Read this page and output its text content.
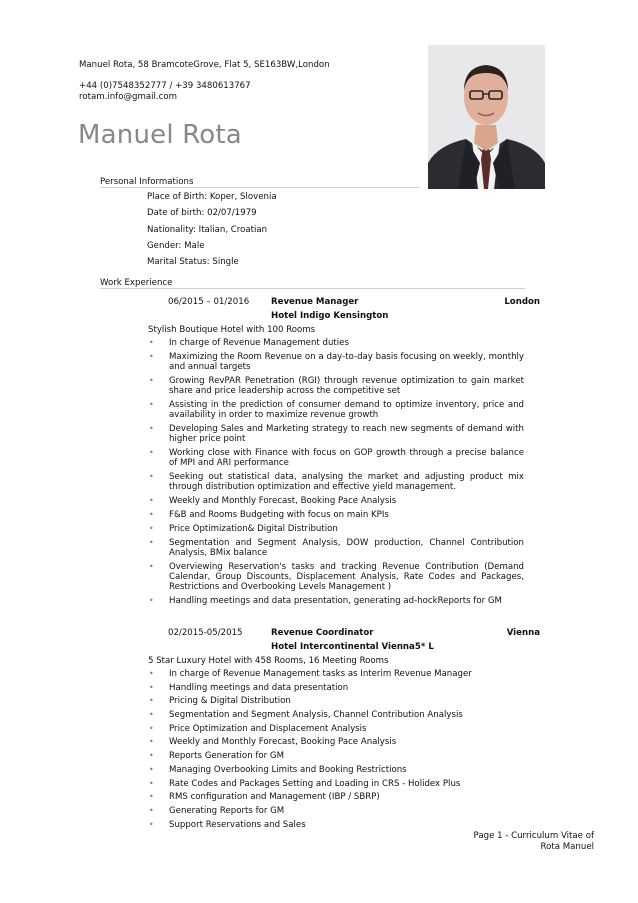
Manuel Rota, 58 BramcoteGrove, Flat 5, SE163BW,London
+44 (0)7548352777 / +39 3480613767
rotam.info@gmail.com
Manuel Rota
Personal Informations
Place of Birth: Koper, Slovenia
Date of birth: 02/07/1979
Nationality: Italian, Croatian
Gender: Male
Marital Status: Single
Work Experience
06/2015 – 01/2016	Revenue Manager	London
Hotel Indigo Kensington
Stylish Boutique Hotel with 100 Rooms
• In charge of Revenue Management duties
• Maximizing the Room Revenue on a day-to-day basis focusing on weekly, monthly and annual targets
• Growing RevPAR Penetration (RGI) through revenue optimization to gain market share and price leadership across the competitive set
• Assisting in the prediction of consumer demand to optimize inventory, price and availability in order to maximize revenue growth
• Developing Sales and Marketing strategy to reach new segments of demand with higher price point
• Working close with Finance with focus on GOP growth through a precise balance of MPI and ARI performance
• Seeking out statistical data, analysing the market and adjusting product mix through distribution optimization and effective yield management.
• Weekly and Monthly Forecast, Booking Pace Analysis
• F&B and Rooms Budgeting with focus on main KPIs
• Price Optimization& Digital Distribution
• Segmentation and Segment Analysis, DOW production, Channel Contribution Analysis, BMix balance
• Overviewing Reservation's tasks and tracking Revenue Contribution (Demand Calendar, Group Discounts, Displacement Analysis, Rate Codes and Packages, Restrictions and Overbooking Levels Management )
• Handling meetings and data presentation, generating ad-hockReports for GM
02/2015-05/2015	Revenue Coordinator	Vienna
Hotel Intercontinental Vienna5* L
5 Star Luxury Hotel with 458 Rooms, 16 Meeting Rooms
• In charge of Revenue Management tasks as Interim Revenue Manager
• Handling meetings and data presentation
• Pricing & Digital Distribution
• Segmentation and Segment Analysis, Channel Contribution Analysis
• Price Optimization and Displacement Analysis
• Weekly and Monthly Forecast, Booking Pace Analysis
• Reports Generation for GM
• Managing Overbooking Limits and Booking Restrictions
• Rate Codes and Packages Setting and Loading in CRS - Holidex Plus
• RMS configuration and Management (IBP / SBRP)
• Generating Reports for GM
• Support Reservations and Sales
Page 1 - Curriculum Vitae of
Rota Manuel
